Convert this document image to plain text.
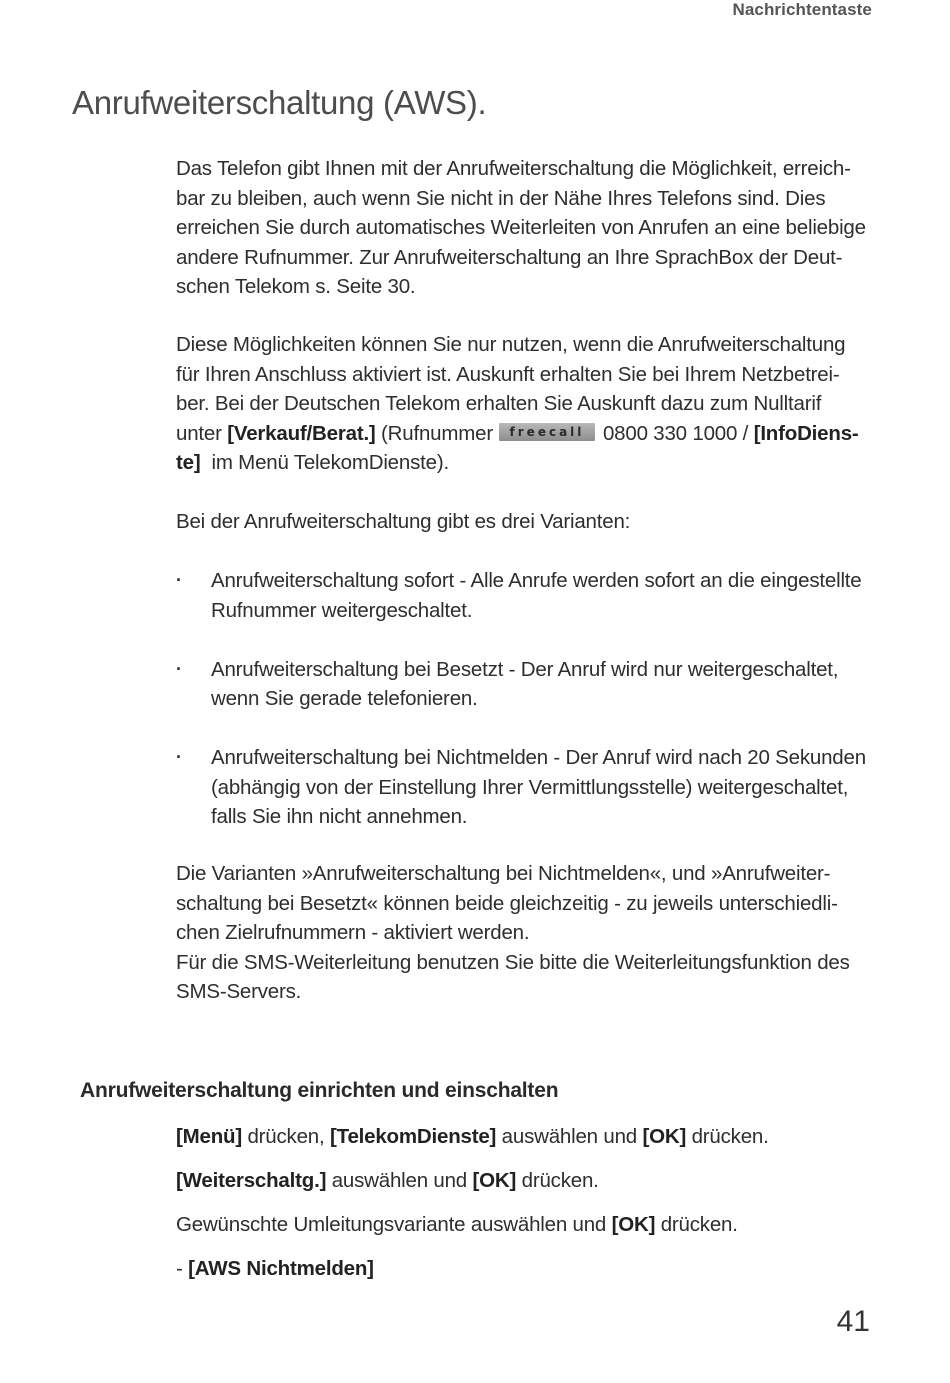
Nachrichtentaste
Anrufweiterschaltung (AWS).

Das Telefon gibt Ihnen mit der Anrufweiterschaltung die Möglichkeit, erreich-

bar zu bleiben, auch wenn Sie nicht in der Nähe Ihres Telefons sind. Dies

erreichen Sie durch automatisches Weiterleiten von Anrufen an eine beliebige

andere Rufnummer. Zur Anrufweiterschaltung an Ihre SprachBox der Deut-

schen Telekom s. Seite 30.

Diese Möglichkeiten können Sie nur nutzen, wenn die Anrufweiterschaltung

für Ihren Anschluss aktiviert ist. Auskunft erhalten Sie bei Ihrem Netzbetrei-

ber. Bei der Deutschen Telekom erhalten Sie Auskunft dazu zum Nulltarif

unter [Verkauf/Berat.] (Rufnummer	freecall 0800 330 1000 / [InfoDiens-

te]  im Menü TelekomDienste).

Bei der Anrufweiterschaltung gibt es drei Varianten:
· Anrufweiterschaltung sofort - Alle Anrufe werden sofort an die eingestellte

Rufnummer weitergeschaltet.

· Anrufweiterschaltung bei Besetzt - Der Anruf wird nur weitergeschaltet,

wenn Sie gerade telefonieren.

· Anrufweiterschaltung bei Nichtmelden - Der Anruf wird nach 20 Sekunden

(abhängig von der Einstellung Ihrer Vermittlungsstelle) weitergeschaltet,

falls Sie ihn nicht annehmen.

Die Varianten »Anrufweiterschaltung bei Nichtmelden«, und »Anrufweiter-

schaltung bei Besetzt« können beide gleichzeitig - zu jeweils unterschiedli-

chen Zielrufnummern - aktiviert werden.

Für die SMS-Weiterleitung benutzen Sie bitte die Weiterleitungsfunktion des

SMS-Servers.

Anrufweiterschaltung einrichten und einschalten
[Menü] drücken, [TelekomDienste] auswählen und [OK] drücken.
[Weiterschaltg.] auswählen und [OK] drücken.
Gewünschte Umleitungsvariante auswählen und [OK] drücken.
- [AWS Nichtmelden]
41
